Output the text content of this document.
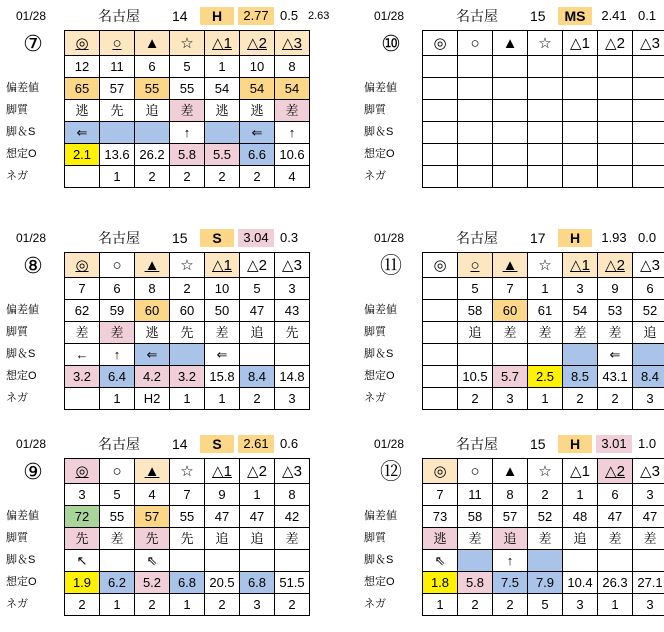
01/28	名古屋 14	H	2.77 0.5 2.63
⑦	◎	○	▲	☆	△1	△2	△3
	12	11	6	5	1	10	8
偏差値	65	57	55	55	54	54	54
脚質	逃	先	追	差	逃	逃	差
脚＆S	⇐			↑		⇐	↑
想定O	2.1	13.6	26.2	5.8	5.5	6.6	10.6
ネガ		1	2	2	2	2	4
01/28	名古屋 15	MS	2.41 0.1
⑩	◎	○	▲	☆	△1	△2	△3

偏差値							
脚質							
脚＆S							
想定O							
ネガ							
01/28	名古屋 15	S	3.04 0.3
⑧	◎	○	▲	☆	△1	△2	△3
	7	6	8	2	10	5	3
偏差値	62	59	60	60	50	47	43
脚質	差	差	逃	先	差	追	先
脚＆S	←	↑	⇐		⇐		
想定O	3.2	6.4	4.2	3.2	15.8	8.4	14.8
ネガ		1	H2	1	1	2	3
01/28	名古屋 17	H	1.93 0.0
⑪	◎	○	▲	☆	△1	△2	△3
		5	7	1	3	9	6
偏差値		58	60	61	54	53	52
脚質		追	差	差	差	差	追
脚＆S						⇐	
想定O		10.5	5.7	2.5	8.5	43.1	8.4
ネガ		2	3	1	2	2	3
01/28	名古屋 14	S	2.61 0.6
⑨	◎	○	▲	☆	△1	△2	△3
	3	5	4	7	9	1	8
偏差値	72	55	57	55	47	47	42
脚質	先	差	先	先	追	追	差
脚＆S	↖		⇖				
想定O	1.9	6.2	5.2	6.8	20.5	6.8	51.5
ネガ	2	1	2	1	2	3	2
01/28	名古屋 15	H	3.01 1.0
⑫	◎	○	▲	☆	△1	△2	△3
	7	11	8	2	1	6	3
偏差値	73	58	57	52	48	47	47
脚質	逃	差	追	差	追	差	差
脚＆S	⇖		↑				
想定O	1.8	5.8	7.5	7.9	10.4	26.3	27.1
ネガ	1	2	2	5	3	1	3
